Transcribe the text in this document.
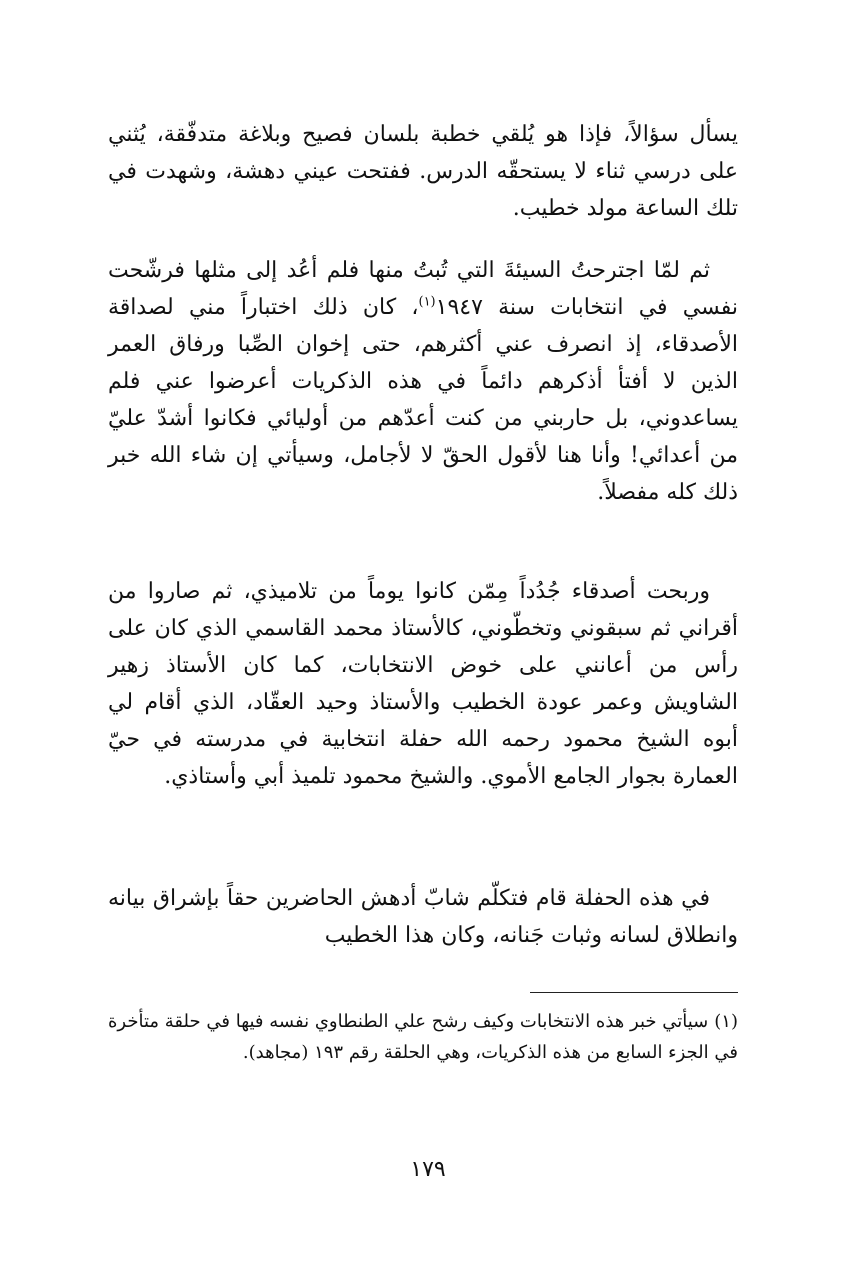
يسأل سؤالاً، فإذا هو يُلقي خطبة بلسان فصيح وبلاغة متدفّقة، يُثني على درسي ثناء لا يستحقّه الدرس. ففتحت عيني دهشة، وشهدت في تلك الساعة مولد خطيب.

ثم لمّا اجترحتُ السيئةَ التي تُبتُ منها فلم أعُد إلى مثلها فرشّحت نفسي في انتخابات سنة ١٩٤٧$^{(١)}$، كان ذلك اختباراً مني لصداقة الأصدقاء، إذ انصرف عني أكثرهم، حتى إخوان الصِّبا ورفاق العمر الذين لا أفتأ أذكرهم دائماً في هذه الذكريات أعرضوا عني فلم يساعدوني، بل حاربني من كنت أعدّهم من أوليائي فكانوا أشدّ عليّ من أعدائي! وأنا هنا لأقول الحقّ لا لأجامل، وسيأتي إن شاء الله خبر ذلك كله مفصلاً.

وربحت أصدقاء جُدُداً مِمّن كانوا يوماً من تلاميذي، ثم صاروا من أقراني ثم سبقوني وتخطّوني، كالأستاذ محمد القاسمي الذي كان على رأس من أعانني على خوض الانتخابات، كما كان الأستاذ زهير الشاويش وعمر عودة الخطيب والأستاذ وحيد العقّاد، الذي أقام لي أبوه الشيخ محمود رحمه الله حفلة انتخابية في مدرسته في حيّ العمارة بجوار الجامع الأموي. والشيخ محمود تلميذ أبي وأستاذي.

في هذه الحفلة قام فتكلّم شابّ أدهش الحاضرين حقاً بإشراق بيانه وانطلاق لسانه وثبات جَنانه، وكان هذا الخطيب

(١)سيأتي خبر هذه الانتخابات وكيف رشح علي الطنطاوي نفسه فيها في حلقة متأخرة في الجزء السابع من هذه الذكريات، وهي الحلقة رقم ١٩٣ (مجاهد).

١٧٩
